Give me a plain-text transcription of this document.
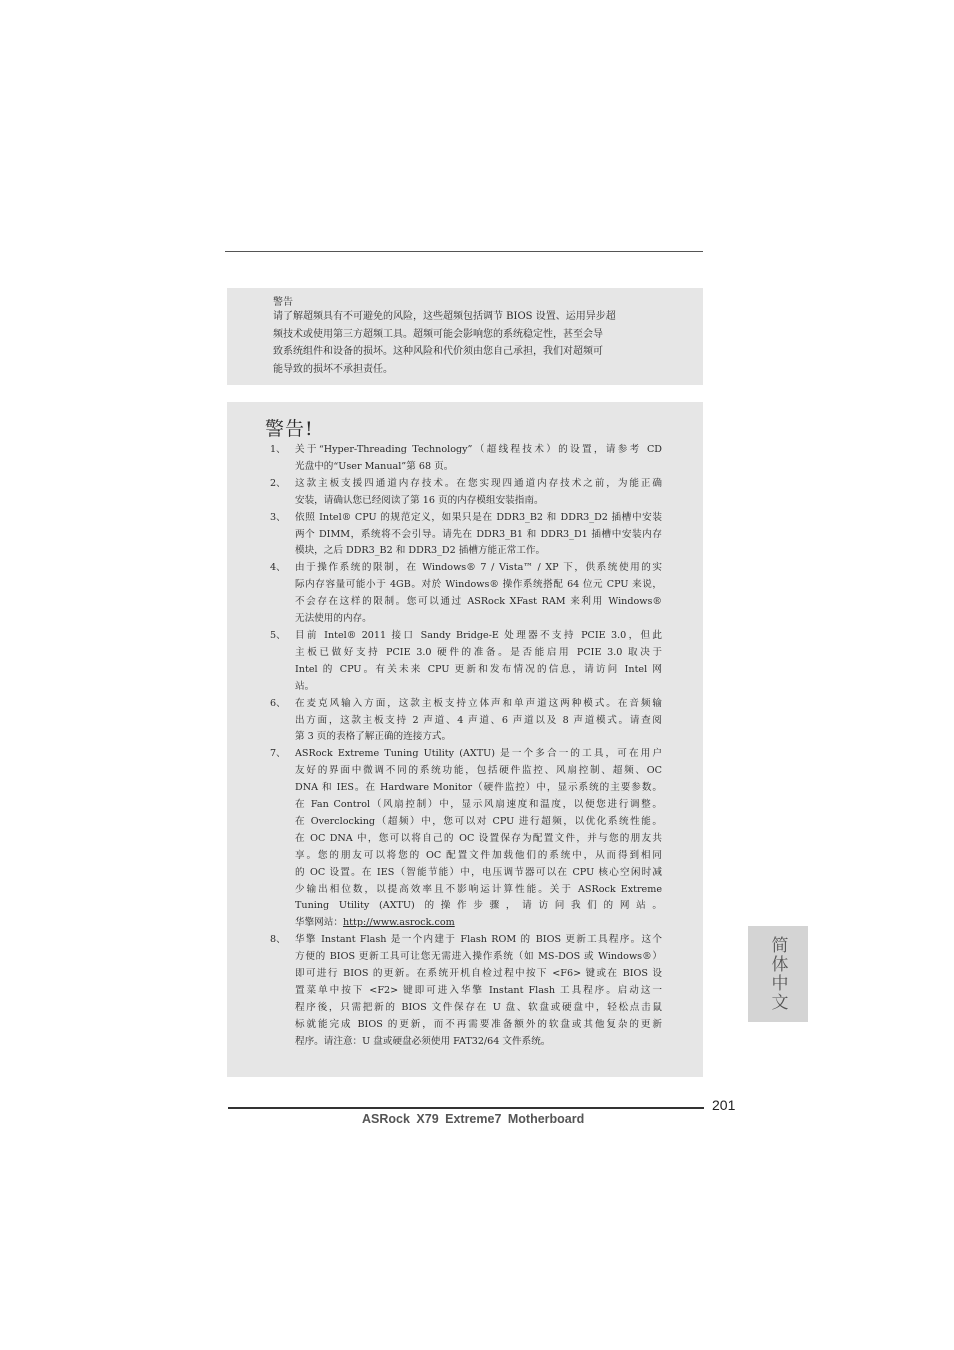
警告
请了解超频具有不可避免的风险，这些超频包括调节 BIOS 设置、运用异步超
频技术或使用第三方超频工具。超频可能会影响您的系统稳定性，甚至会导
致系统组件和设备的损坏。这种风险和代价须由您自己承担，我们对超频可
能导致的损坏不承担责任。
警告!
1、 关于“Hyper-Threading Technology”（超线程技术）的设置，请参考 CD
光盘中的“User Manual”第 68 页。
2、 这款主板支援四通道内存技术。在您实现四通道内存技术之前，为能正确
安装，请确认您已经阅读了第 16 页的内存模组安装指南。
3、 依照 Intel® CPU 的规范定义，如果只是在 DDR3_B2 和 DDR3_D2 插槽中安装
两个 DIMM，系统将不会引导。请先在 DDR3_B1 和 DDR3_D1 插槽中安装内存
模块，之后 DDR3_B2 和 DDR3_D2 插槽方能正常工作。
4、 由于操作系统的限制，在 Windows® 7 / Vista™ / XP 下，供系统使用的实
际内存容量可能小于 4GB。对於 Windows® 操作系统搭配 64 位元 CPU 来说，
不会存在这样的限制。您可以通过 ASRock XFast RAM 来利用 Windows®
无法使用的内存。
5、 目前 Intel® 2011 接口 Sandy Bridge-E 处理器不支持 PCIE 3.0，但此
主板已做好支持 PCIE 3.0 硬件的准备。是否能启用 PCIE 3.0 取决于
Intel 的 CPU。有关未来 CPU 更新和发布情况的信息，请访问 Intel 网
站。
6、 在麦克风输入方面，这款主板支持立体声和单声道这两种模式。在音频输
出方面，这款主板支持 2 声道、4 声道、6 声道以及 8 声道模式。请查阅
第 3 页的表格了解正确的连接方式。
7、 ASRock Extreme Tuning Utility (AXTU) 是一个多合一的工具，可在用户
友好的界面中微调不同的系统功能，包括硬件监控、风扇控制、超频、OC
DNA 和 IES。在 Hardware Monitor（硬件监控）中，显示系统的主要参数。
在 Fan Control（风扇控制）中，显示风扇速度和温度，以便您进行调整。
在 Overclocking（超频）中，您可以对 CPU 进行超频，以优化系统性能。
在 OC DNA 中，您可以将自己的 OC 设置保存为配置文件，并与您的朋友共
享。您的朋友可以将您的 OC 配置文件加载他们的系统中，从而得到相同
的 OC 设置。在 IES（智能节能）中，电压调节器可以在 CPU 核心空闲时减
少输出相位数，以提高效率且不影响运计算性能。关于 ASRock Extreme
Tuning Utility (AXTU) 的操作步骤，请访问我们的网站。
华擎网站：http://www.asrock.com
8、 华擎 Instant Flash 是一个内建于 Flash ROM 的 BIOS 更新工具程序。这个
方便的 BIOS 更新工具可让您无需进入操作系统（如 MS-DOS 或 Windows®）
即可进行 BIOS 的更新。在系统开机自检过程中按下 <F6> 键或在 BIOS 设
置菜单中按下 <F2> 键即可进入华擎 Instant Flash 工具程序。启动这一
程序後，只需把新的 BIOS 文件保存在 U 盘、软盘或硬盘中，轻松点击鼠
标就能完成 BIOS 的更新，而不再需要准备额外的软盘或其他复杂的更新
程序。请注意：U 盘或硬盘必须使用 FAT32/64 文件系统。
简体中文
201
ASRock X79 Extreme7 Motherboard
